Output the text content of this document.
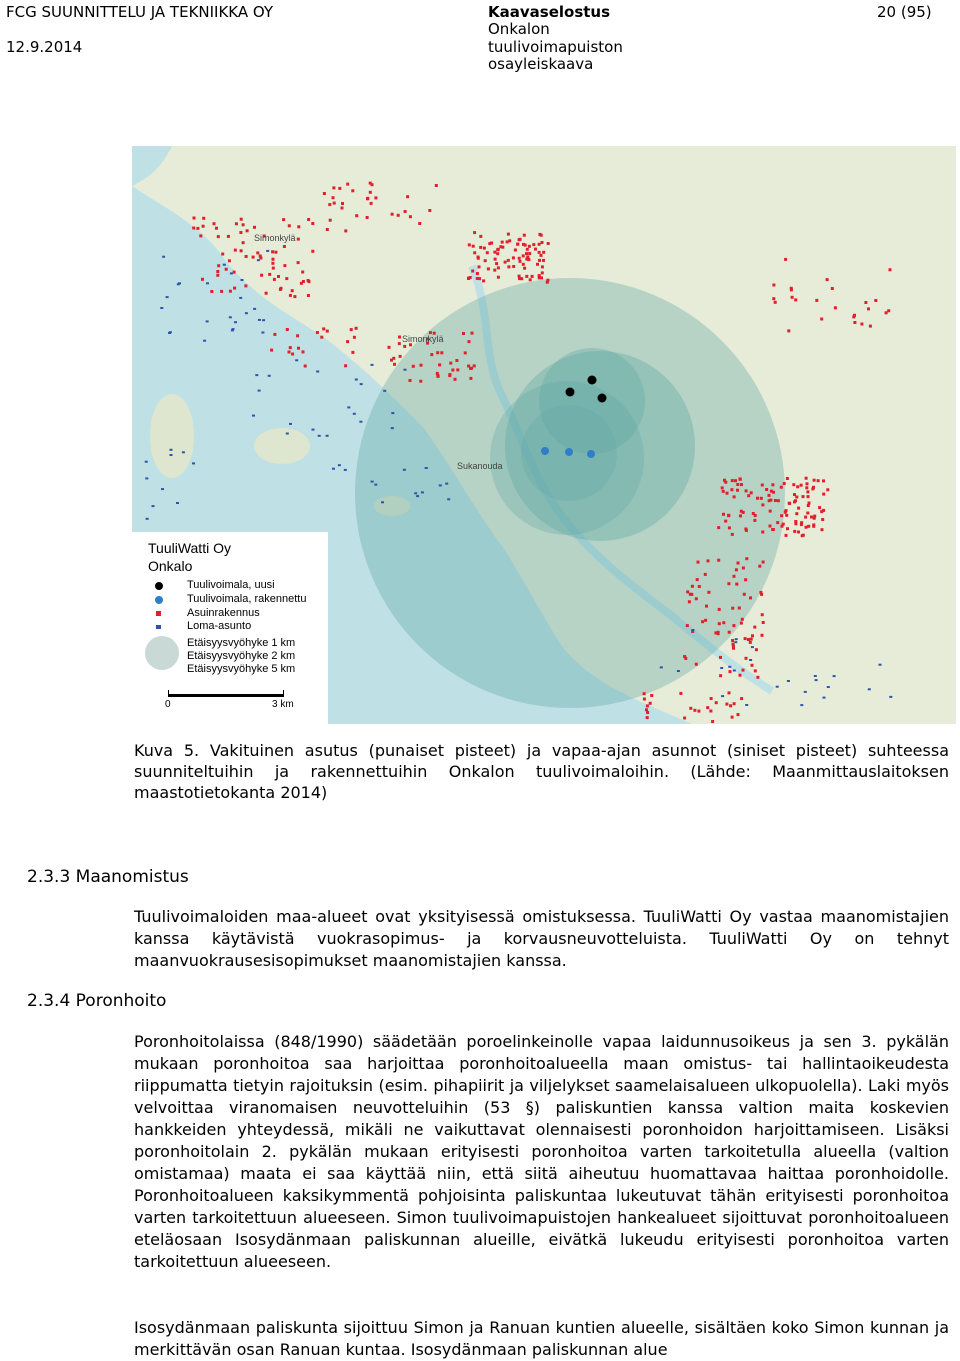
FCG SUUNNITTELU JA TEKNIIKKA OY
12.9.2014
Kaavaselostus
Onkalon
tuulivoimapuiston
osayleiskaava
20 (95)
Simonkylä
Simonkylä
Sukanouda
TuuliWatti Oy
Onkalo
Tuulivoimala, uusi
Tuulivoimala, rakennettu
Asuinrakennus
Loma-asunto
Etäisyysvyöhyke 1 km
Etäisyysvyöhyke 2 km
Etäisyysvyöhyke 5 km
0	3 km
Kuva 5. Vakituinen asutus (punaiset pisteet) ja vapaa-ajan asunnot (siniset pisteet) suhteessa suunniteltuihin ja rakennettuihin Onkalon tuulivoimaloihin. (Lähde: Maanmittauslaitoksen maastotietokanta 2014)
2.3.3 Maanomistus
Tuulivoimaloiden maa-alueet ovat yksityisessä omistuksessa. TuuliWatti Oy vastaa maanomistajien kanssa käytävistä vuokrasopimus- ja korvausneuvotteluista. TuuliWatti Oy on tehnyt maanvuokrausesisopimukset maanomistajien kanssa.
2.3.4 Poronhoito
Poronhoitolaissa (848/1990) säädetään poroelinkeinolle vapaa laidunnusoikeus ja sen 3. pykälän mukaan poronhoitoa saa harjoittaa poronhoitoalueella maan omistus- tai hallintaoikeudesta riippumatta tietyin rajoituksin (esim. pihapiirit ja viljelykset saamelaisalueen ulkopuolella). Laki myös velvoittaa viranomaisen neuvotteluihin (53 §) paliskuntien kanssa valtion maita koskevien hankkeiden yhteydessä, mikäli ne vaikuttavat olennaisesti poronhoidon harjoittamiseen. Lisäksi poronhoitolain 2. pykälän mukaan erityisesti poronhoitoa varten tarkoitetulla alueella (valtion omistamaa) maata ei saa käyttää niin, että siitä aiheutuu huomattavaa haittaa poronhoidolle. Poronhoitoalueen kaksikymmentä pohjoisinta paliskuntaa lukeutuvat tähän erityisesti poronhoitoa varten tarkoitettuun alueeseen. Simon tuulivoimapuistojen hankealueet sijoittuvat poronhoitoalueen eteläosaan Isosydänmaan paliskunnan alueille, eivätkä lukeudu erityisesti poronhoitoa varten tarkoitettuun alueeseen.
Isosydänmaan paliskunta sijoittuu Simon ja Ranuan kuntien alueelle, sisältäen koko Simon kunnan ja merkittävän osan Ranuan kuntaa. Isosydänmaan paliskunnan alue
